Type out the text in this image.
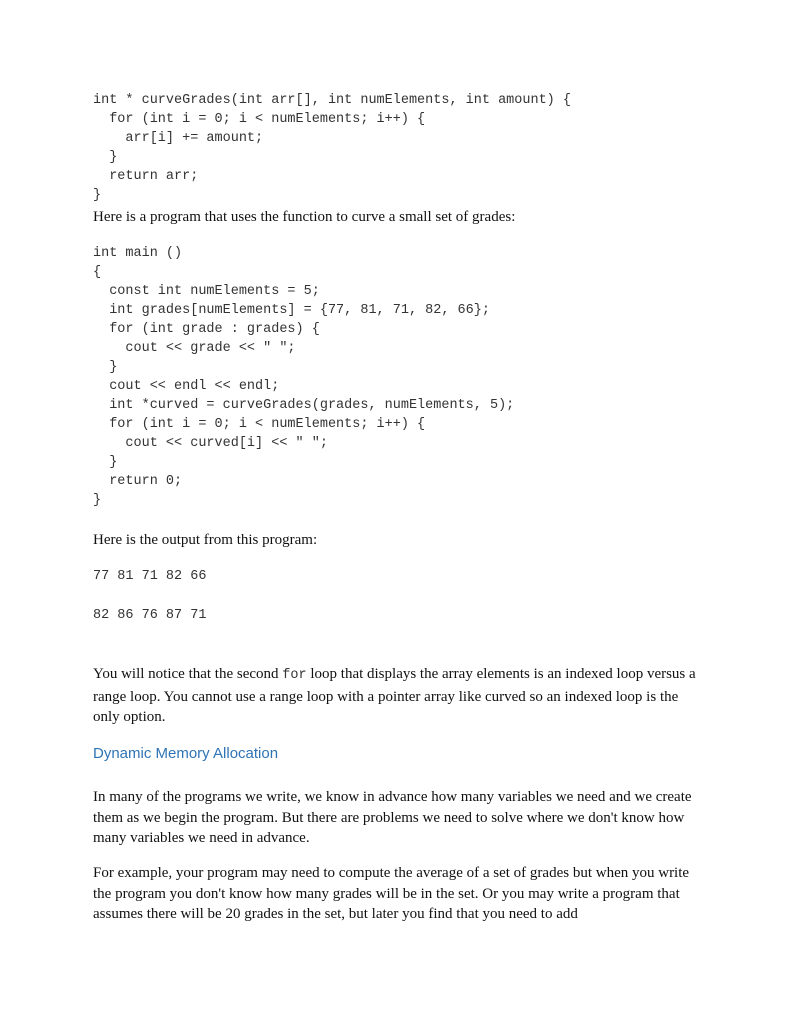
int * curveGrades(int arr[], int numElements, int amount) {
for (int i = 0; i < numElements; i++) {
arr[i] += amount;
}
return arr;
}

Here is a program that uses the function to curve a small set of grades:

int main ()
{
const int numElements = 5;
int grades[numElements] = {77, 81, 71, 82, 66};
for (int grade : grades) {
cout << grade << " ";
}
cout << endl << endl;
int *curved = curveGrades(grades, numElements, 5);
for (int i = 0; i < numElements; i++) {
cout << curved[i] << " ";
}
return 0;
}

Here is the output from this program:

77 81 71 82 66
82 86 76 87 71

You will notice that the second for loop that displays the array elements is an indexed loop versus a range loop. You cannot use a range loop with a pointer array like curved so an indexed loop is the only option.

Dynamic Memory Allocation

In many of the programs we write, we know in advance how many variables we need and we create them as we begin the program. But there are problems we need to solve where we don't know how many variables we need in advance.

For example, your program may need to compute the average of a set of grades but when you write the program you don't know how many grades will be in the set. Or you may write a program that assumes there will be 20 grades in the set, but later you find that you need to add
